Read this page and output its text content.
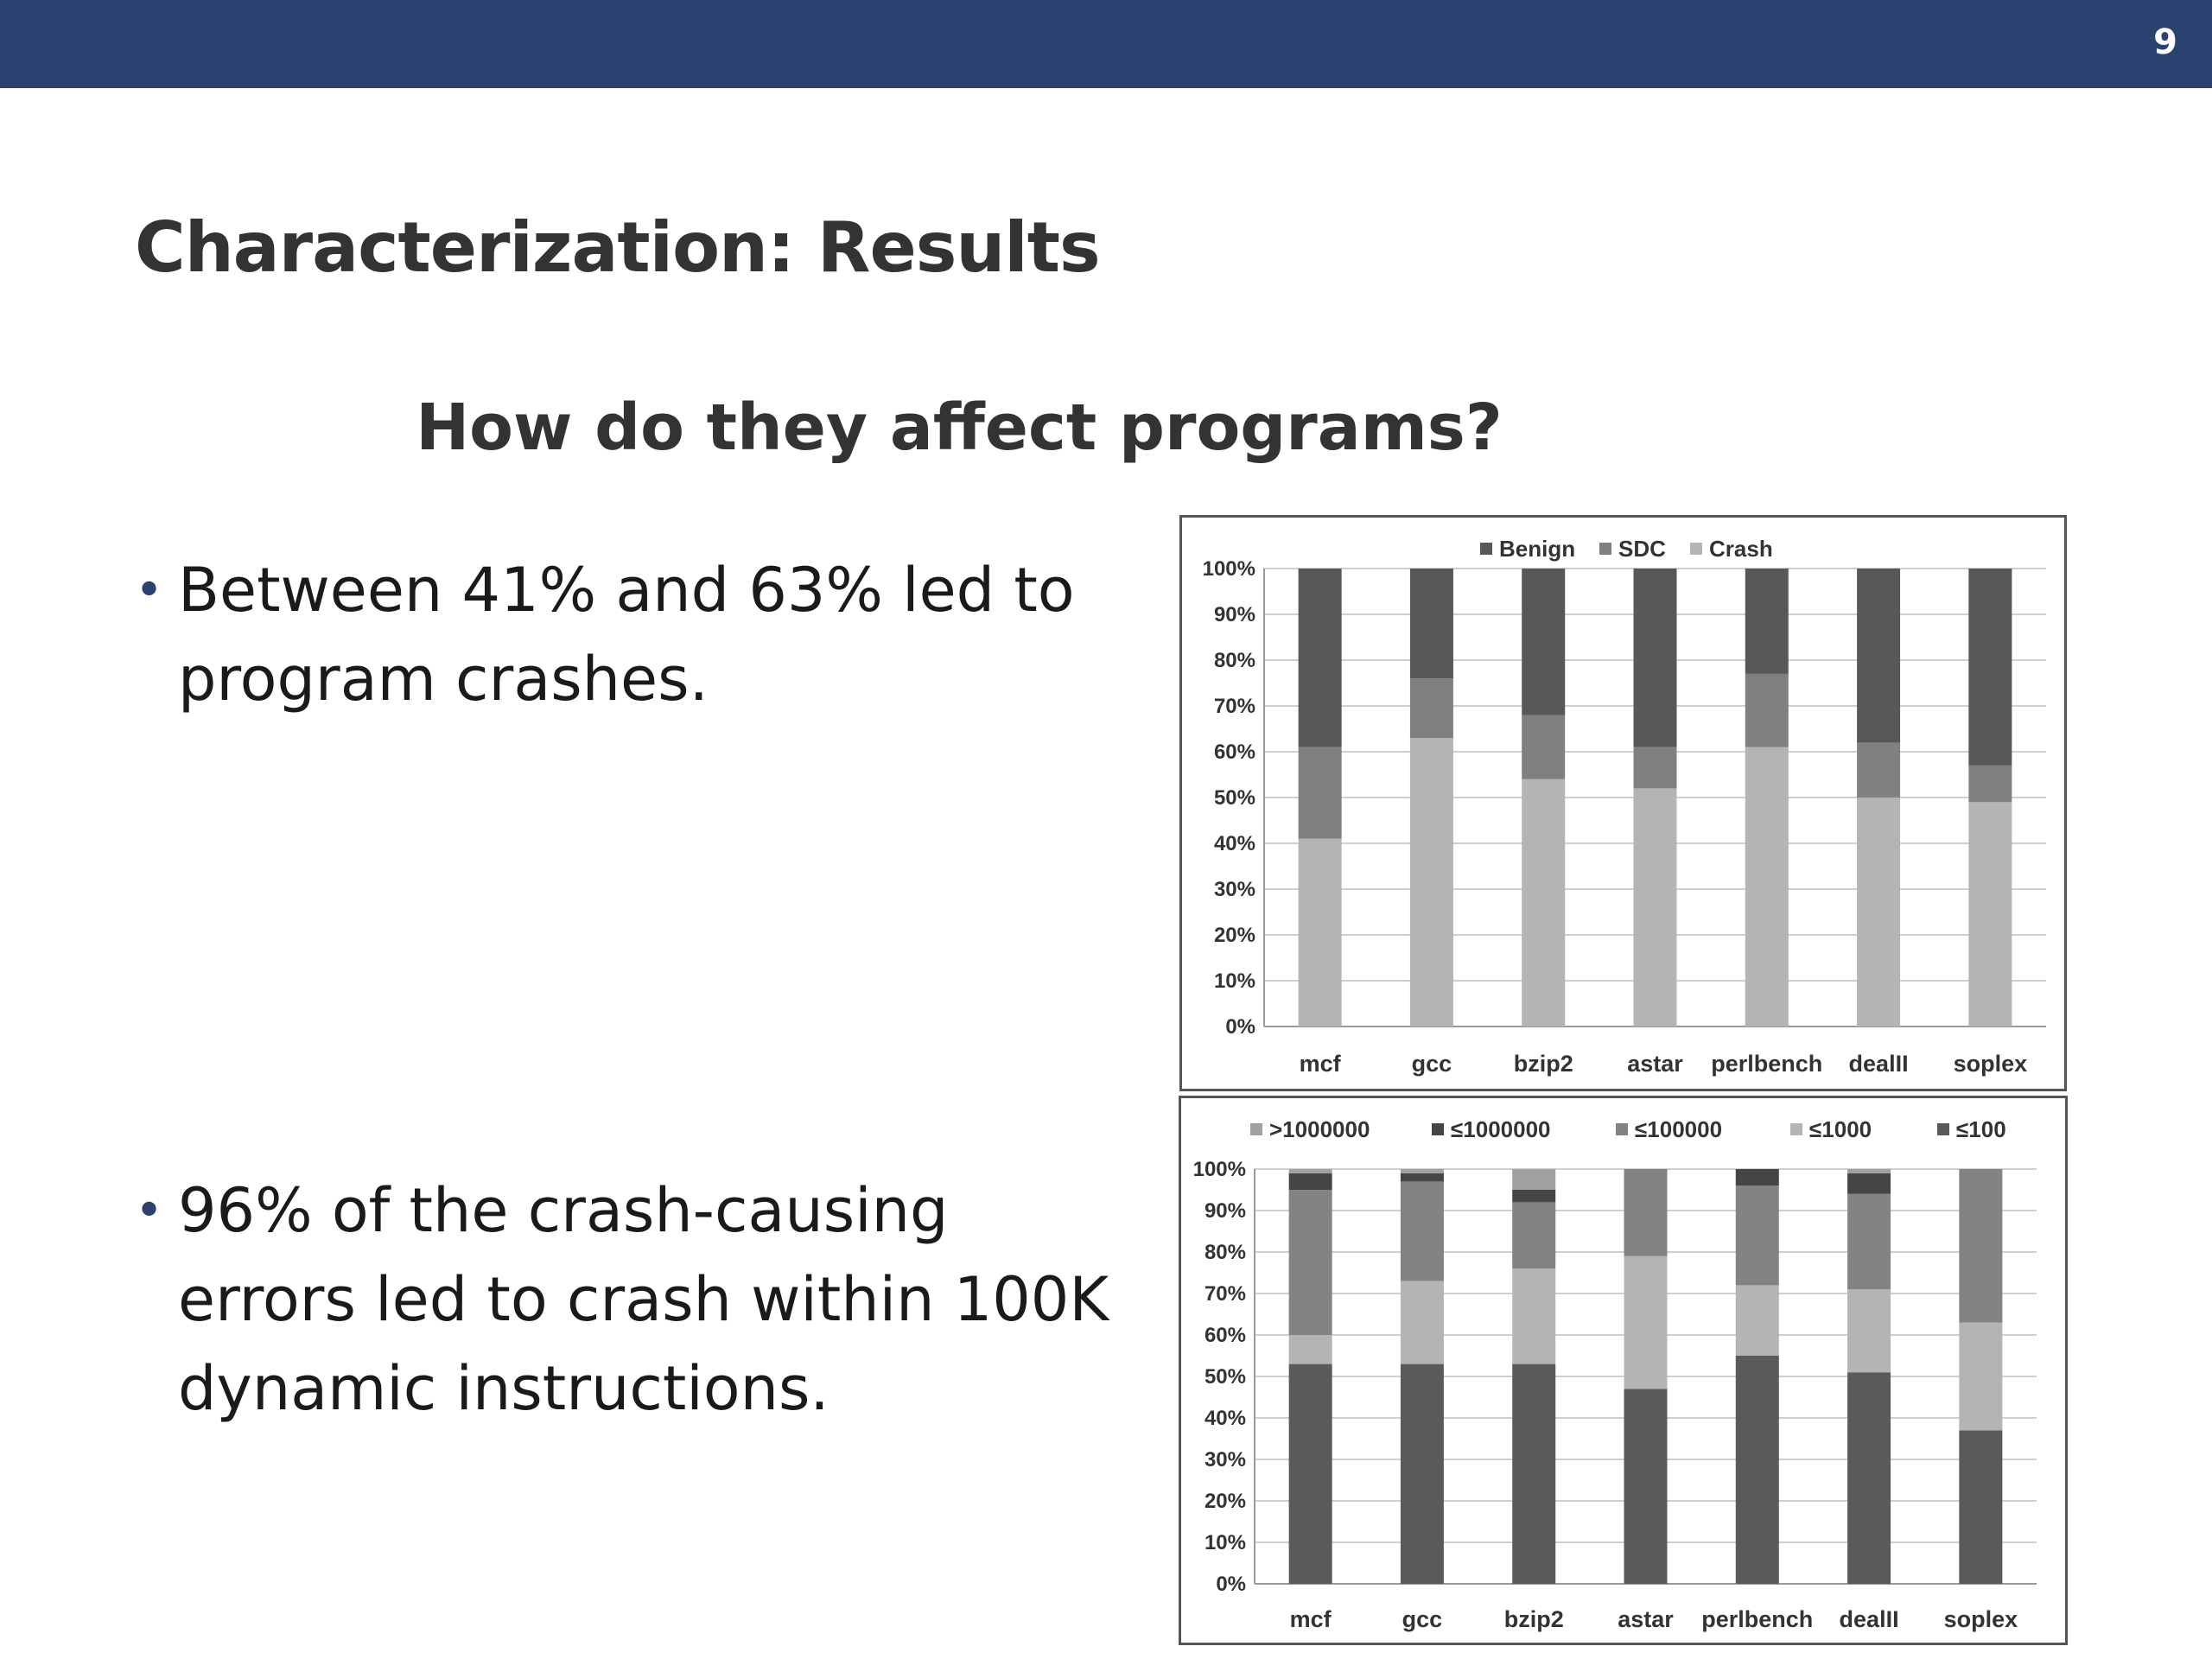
9
Characterization: Results
How do they affect programs?
• Between 41% and 63% led to program crashes.
• 96% of the crash-causing errors led to crash within 100K dynamic instructions.
0%
10%
20%
30%
40%
50%
60%
70%
80%
90%
100%
mcf	gcc	bzip2 astar perlbench dealII soplex
Benign SDC Crash
0%
10%
20%
30%
40%
50%
60%
70%
80%
90%
100%
mcf	gcc	bzip2 astar perlbench dealII soplex
>1000000	≤1000000	≤100000	≤1000	≤100
